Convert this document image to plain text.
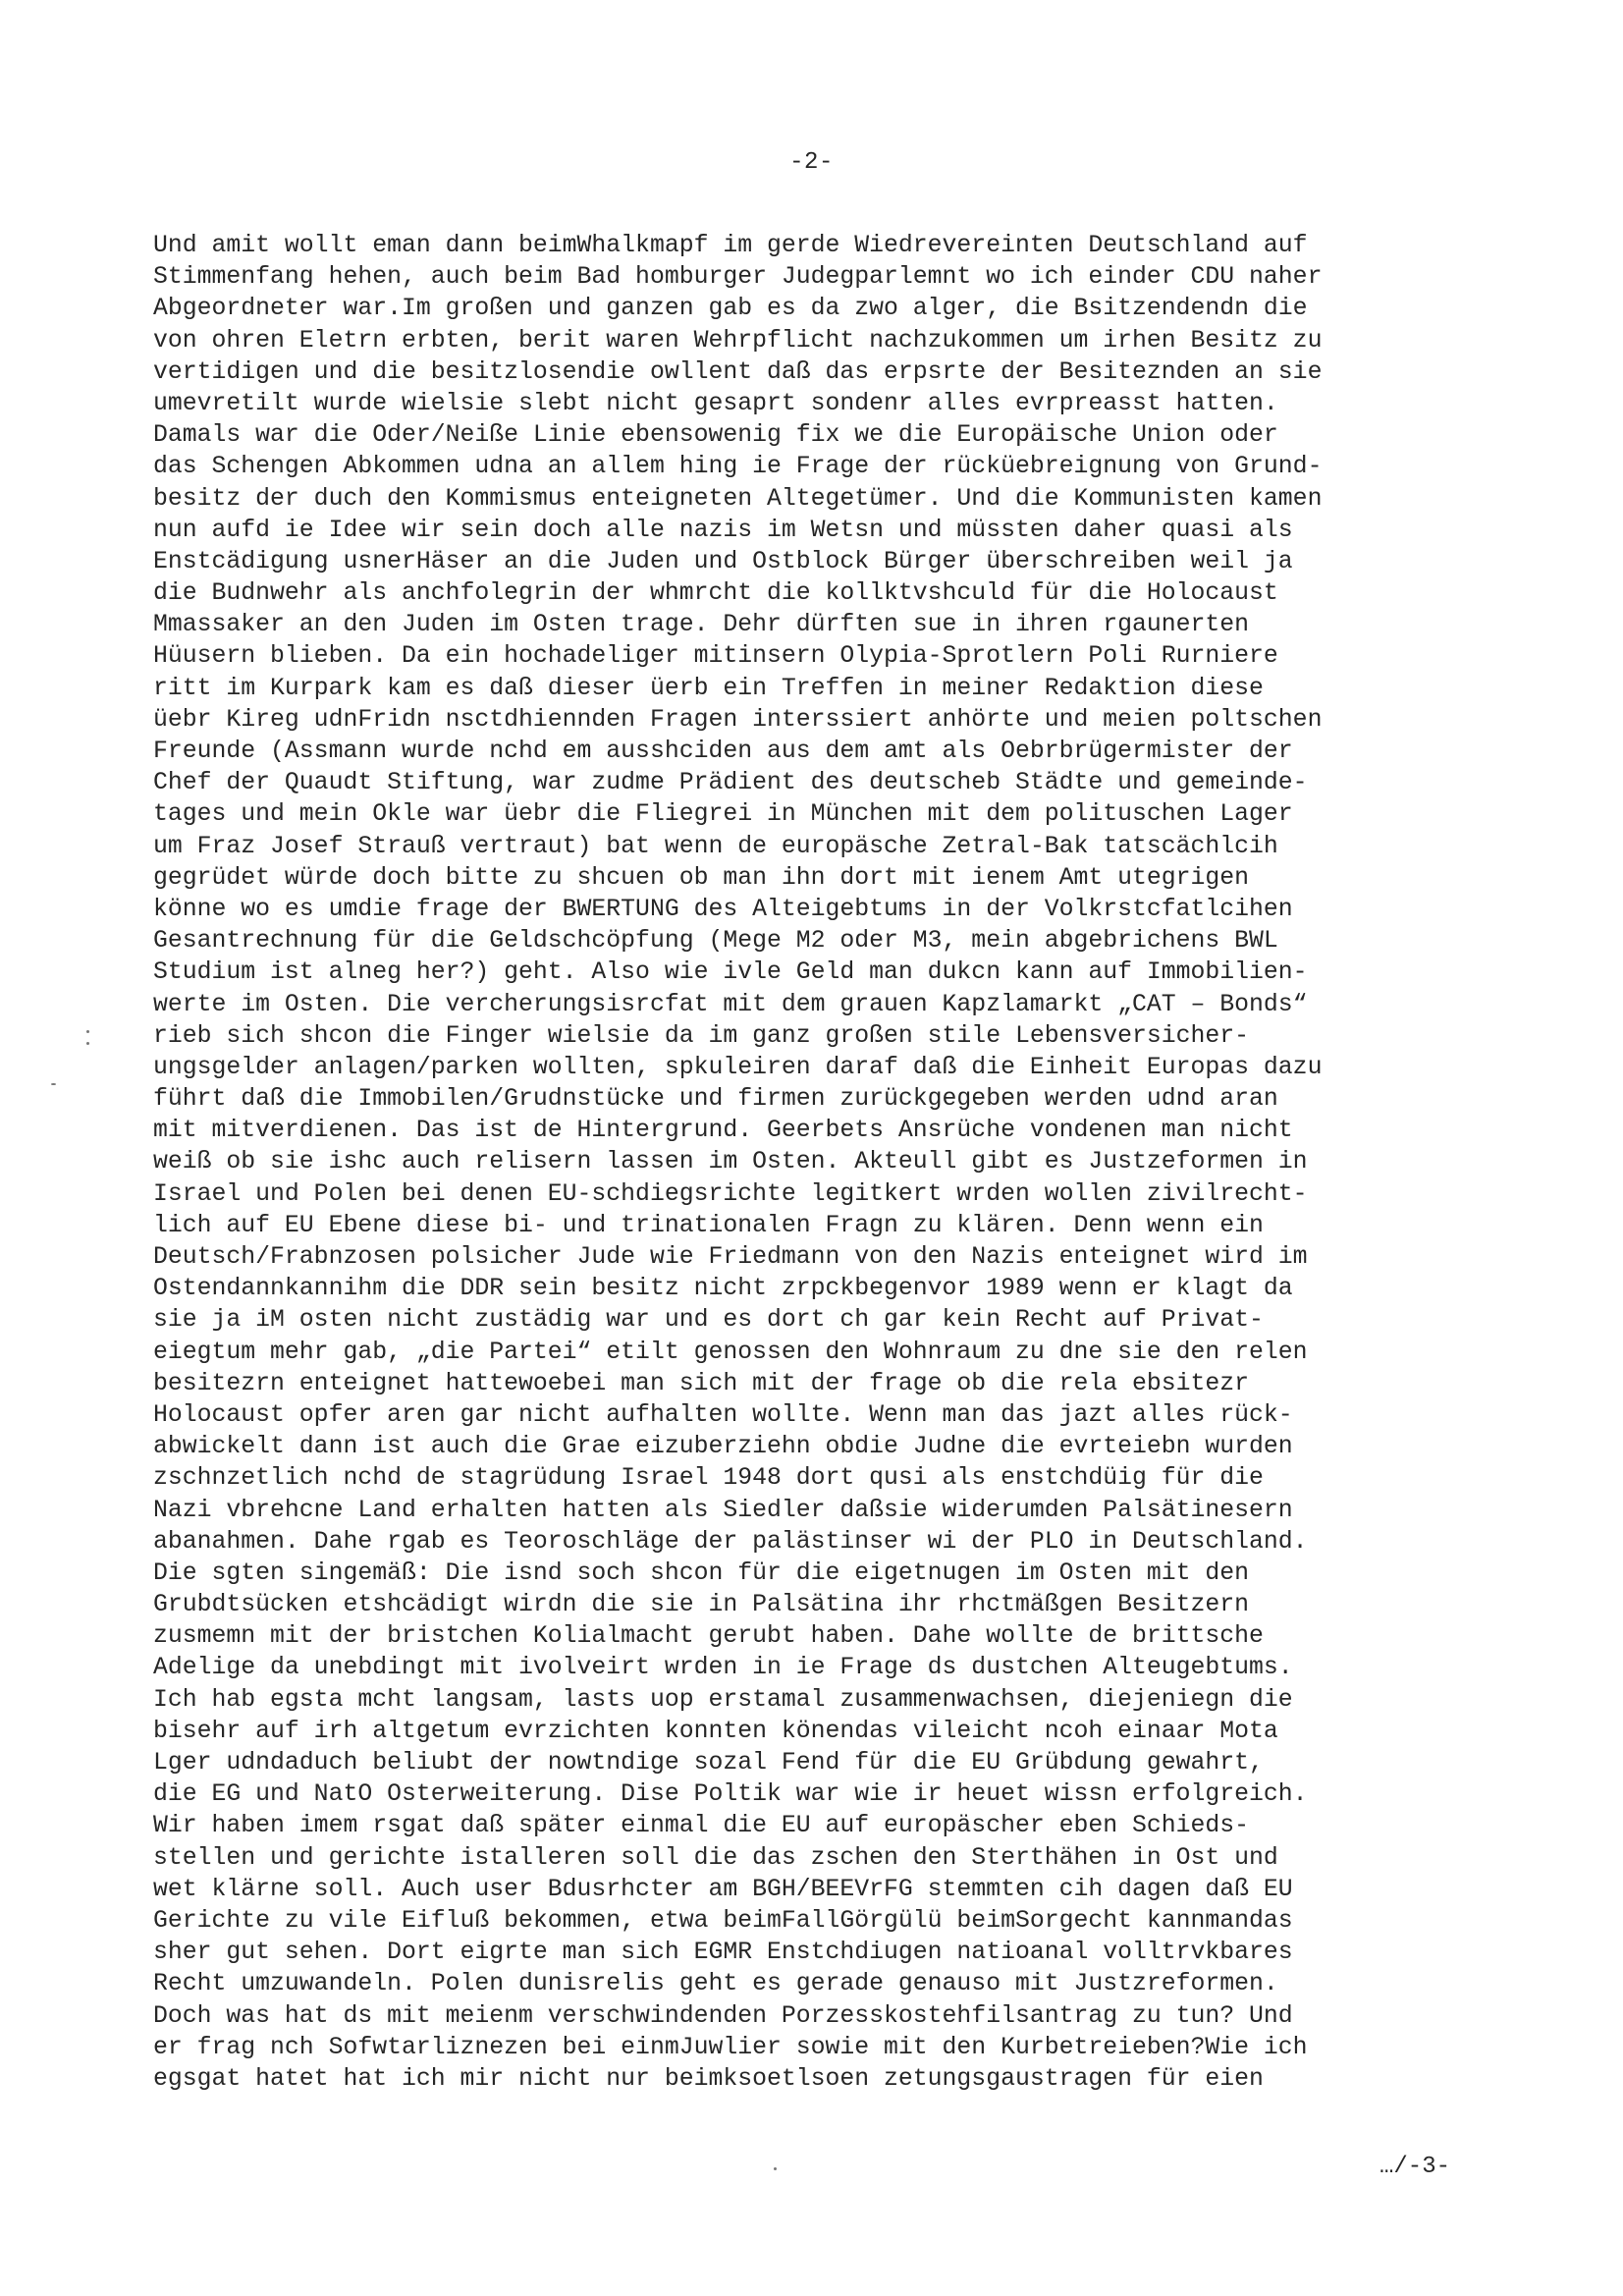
-2-
Und amit wollt eman dann beimWhalkmapf im gerde Wiedrevereinten Deutschland auf
Stimmenfang hehen, auch beim Bad homburger Judegparlemnt wo ich einder CDU naher
Abgeordneter war.Im großen und ganzen gab es da zwo alger, die Bsitzendendn die
von ohren Eletrn erbten, berit waren Wehrpflicht nachzukommen um irhen Besitz zu
vertidigen und die besitzlosendie owllent daß das erpsrte der Besiteznden an sie
umevretilt wurde wielsie slebt nicht gesaprt sondenr alles evrpreasst hatten.
Damals war die Oder/Neiße Linie ebensowenig fix we die Europäische Union oder
das Schengen Abkommen udna an allem hing ie Frage der rücküebreignung von Grund-
besitz der duch den Kommismus enteigneten Altegetümer. Und die Kommunisten kamen
nun aufd ie Idee wir sein doch alle nazis im Wetsn und müssten daher quasi als
Enstcädigung usnerHäser an die Juden und Ostblock Bürger überschreiben weil ja
die Budnwehr als anchfolegrin der whmrcht die kollktvshculd für die Holocaust
Mmassaker an den Juden im Osten trage. Dehr dürften sue in ihren rgaunerten
Hüusern blieben. Da ein hochadeliger mitinsern Olypia-Sprotlern Poli Rurniere
ritt im Kurpark kam es daß dieser üerb ein Treffen in meiner Redaktion diese
üebr Kireg udnFridn nsctdhiennden Fragen interssiert anhörte und meien poltschen
Freunde (Assmann wurde nchd em ausshciden aus dem amt als Oebrbrügermister der
Chef der Quaudt Stiftung, war zudme Prädient des deutscheb Städte und gemeinde-
tages und mein Okle war üebr die Fliegrei in München mit dem polituschen Lager
um Fraz Josef Strauß vertraut) bat wenn de europäsche Zetral-Bak tatscächlcih
gegrüdet würde doch bitte zu shcuen ob man ihn dort mit ienem Amt utegrigen
könne wo es umdie frage der BWERTUNG des Alteigebtums in der Volkrstcfatlcihen
Gesantrechnung für die Geldschcöpfung (Mege M2 oder M3, mein abgebrichens BWL
Studium ist alneg her?) geht. Also wie ivle Geld man dukcn kann auf Immobilien-
werte im Osten. Die vercherungsisrcfat mit dem grauen Kapzlamarkt „CAT – Bonds“
rieb sich shcon die Finger wielsie da im ganz großen stile Lebensversicher-
ungsgelder anlagen/parken wollten, spkuleiren daraf daß die Einheit Europas dazu
führt daß die Immobilen/Grudnstücke und firmen zurückgegeben werden udnd aran
mit mitverdienen. Das ist de Hintergrund. Geerbets Ansrüche vondenen man nicht
weiß ob sie ishc auch relisern lassen im Osten. Akteull gibt es Justzeformen in
Israel und Polen bei denen EU-schdiegsrichte legitkert wrden wollen zivilrecht-
lich auf EU Ebene diese bi- und trinationalen Fragn zu klären. Denn wenn ein
Deutsch/Frabnzosen polsicher Jude wie Friedmann von den Nazis enteignet wird im
Ostendannkannihm die DDR sein besitz nicht zrpckbegenvor 1989 wenn er klagt da
sie ja iM osten nicht zustädig war und es dort ch gar kein Recht auf Privat-
eiegtum mehr gab, „die Partei“ etilt genossen den Wohnraum zu dne sie den relen
besitezrn enteignet hattewoebei man sich mit der frage ob die rela ebsitezr
Holocaust opfer aren gar nicht aufhalten wollte. Wenn man das jazt alles rück-
abwickelt dann ist auch die Grae eizuberziehn obdie Judne die evrteiebn wurden
zschnzetlich nchd de stagrüdung Israel 1948 dort qusi als enstchdüig für die
Nazi vbrehcne Land erhalten hatten als Siedler daßsie widerumden Palsätinesern
abanahmen. Dahe rgab es Teoroschläge der palästinser wi der PLO in Deutschland.
Die sgten singemäß: Die isnd soch shcon für die eigetnugen im Osten mit den
Grubdtsücken etshcädigt wirdn die sie in Palsätina ihr rhctmäßgen Besitzern
zusmemn mit der bristchen Kolialmacht gerubt haben. Dahe wollte de brittsche
Adelige da unebdingt mit ivolveirt wrden in ie Frage ds dustchen Alteugebtums.
Ich hab egsta mcht langsam, lasts uop erstamal zusammenwachsen, diejeniegn die
bisehr auf irh altgetum evrzichten konnten könendas vileicht ncoh einaar Mota
Lger udndaduch beliubt der nowtndige sozal Fend für die EU Grübdung gewahrt,
die EG und NatO Osterweiterung. Dise Poltik war wie ir heuet wissn erfolgreich.
Wir haben imem rsgat daß später einmal die EU auf europäscher eben Schieds-
stellen und gerichte istalleren soll die das zschen den Sterthähen in Ost und
wet klärne soll. Auch user Bdusrhcter am BGH/BEEVrFG stemmten cih dagen daß EU
Gerichte zu vile Eifluß bekommen, etwa beimFallGörgülü beimSorgecht kannmandas
sher gut sehen. Dort eigrte man sich EGMR Enstchdiugen natioanal volltrvkbares
Recht umzuwandeln. Polen dunisrelis geht es gerade genauso mit Justzreformen.
Doch was hat ds mit meienm verschwindenden Porzesskostehfilsantrag zu tun? Und
er frag nch Sofwtarliznezen bei einmJuwlier sowie mit den Kurbetreieben?Wie ich
egsgat hatet hat ich mir nicht nur beimksoetlsoen zetungsgaustragen für eien
…/-3-
